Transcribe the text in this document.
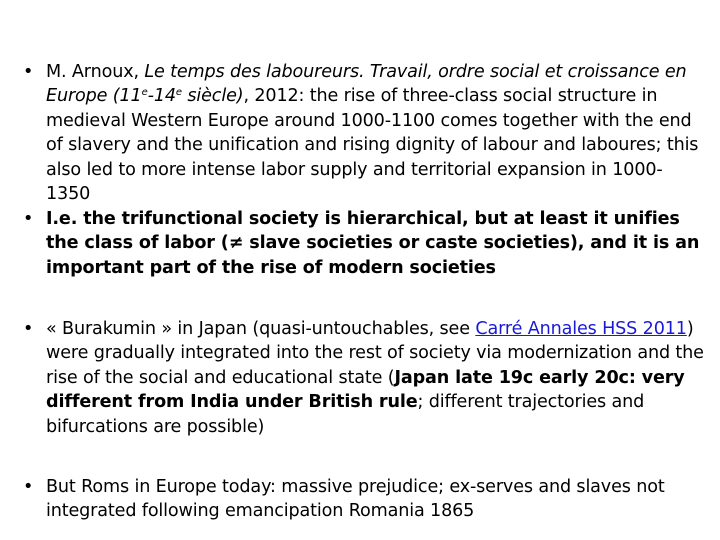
• M. Arnoux, Le temps des laboureurs. Travail, ordre social et croissance en Europe (11e-14e siècle), 2012: the rise of three-class social structure in medieval Western Europe around 1000-1100 comes together with the end of slavery and the unification and rising dignity of labour and laboures; this also led to more intense labor supply and territorial expansion in 1000-1350
• I.e. the trifunctional society is hierarchical, but at least it unifies the class of labor (≠ slave societies or caste societies), and it is an important part of the rise of modern societies
• « Burakumin » in Japan (quasi-untouchables, see Carré Annales HSS 2011) were gradually integrated into the rest of society via modernization and the rise of the social and educational state (Japan late 19c early 20c: very different from India under British rule; different trajectories and bifurcations are possible)
• But Roms in Europe today: massive prejudice; ex-serves and slaves not integrated following emancipation Romania 1865
